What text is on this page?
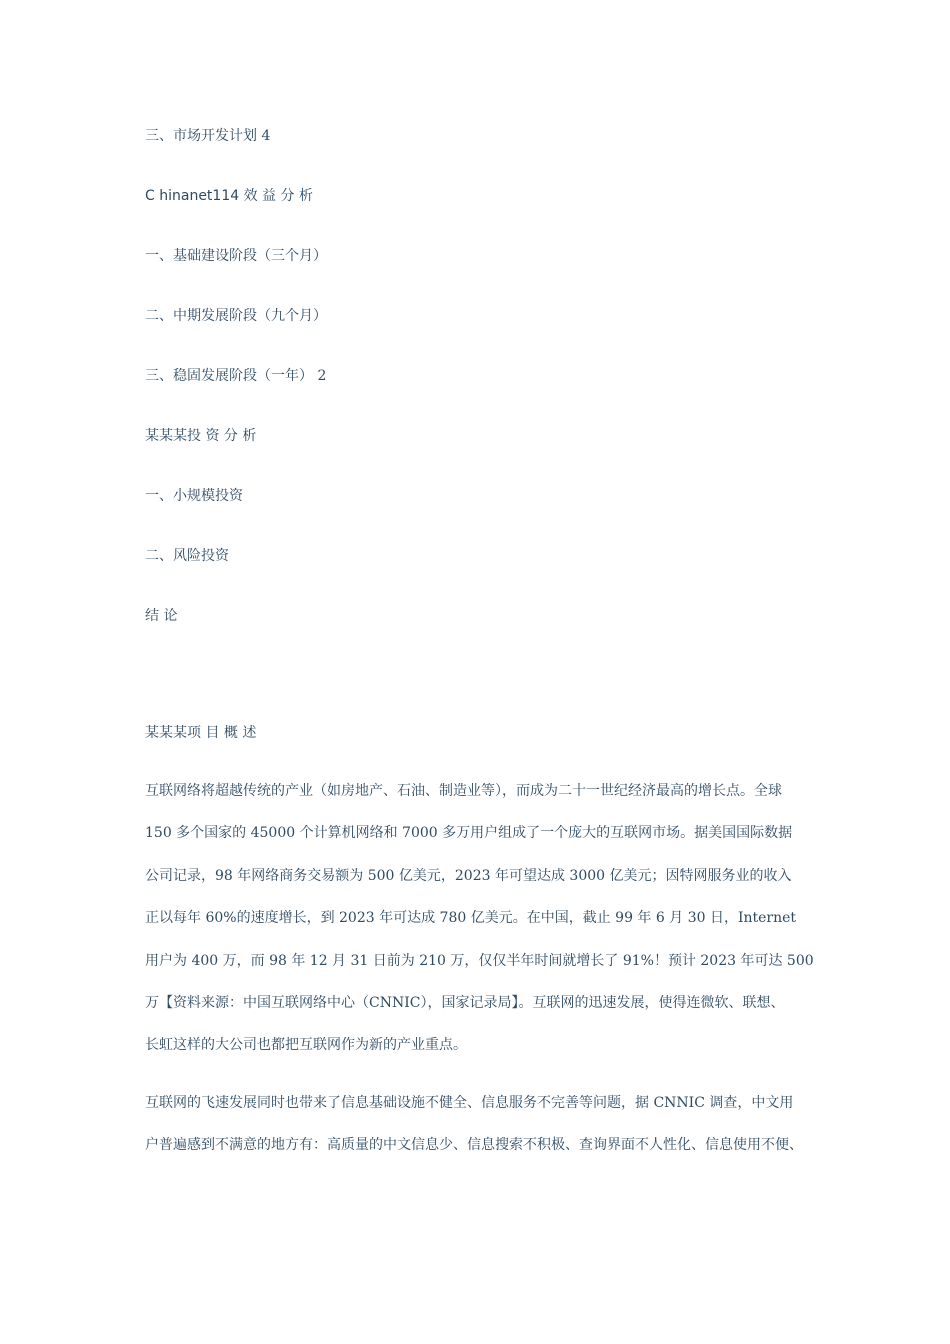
三、市场开发计划 4
C hinanet114 效 益 分 析
一、基础建设阶段（三个月）
二、中期发展阶段（九个月）
三、稳固发展阶段（一年） 2
某某某投 资 分 析
一、小规模投资
二、风险投资
结 论
某某某项 目 概 述
互联网络将超越传统的产业（如房地产、石油、制造业等），而成为二十一世纪经济最高的增长点。全球
150 多个国家的 45000 个计算机网络和 7000 多万用户组成了一个庞大的互联网市场。据美国国际数据
公司记录，98 年网络商务交易额为 500 亿美元，2023 年可望达成 3000 亿美元；因特网服务业的收入
正以每年 60%的速度增长，到 2023 年可达成 780 亿美元。在中国，截止 99 年 6 月 30 日，Internet
用户为 400 万，而 98 年 12 月 31 日前为 210 万，仅仅半年时间就增长了 91%！预计 2023 年可达 500
万【资料来源：中国互联网络中心（CNNIC），国家记录局】。互联网的迅速发展，使得连微软、联想、
长虹这样的大公司也都把互联网作为新的产业重点。
互联网的飞速发展同时也带来了信息基础设施不健全、信息服务不完善等问题，据 CNNIC 调查，中文用
户普遍感到不满意的地方有：高质量的中文信息少、信息搜索不积极、查询界面不人性化、信息使用不便、
